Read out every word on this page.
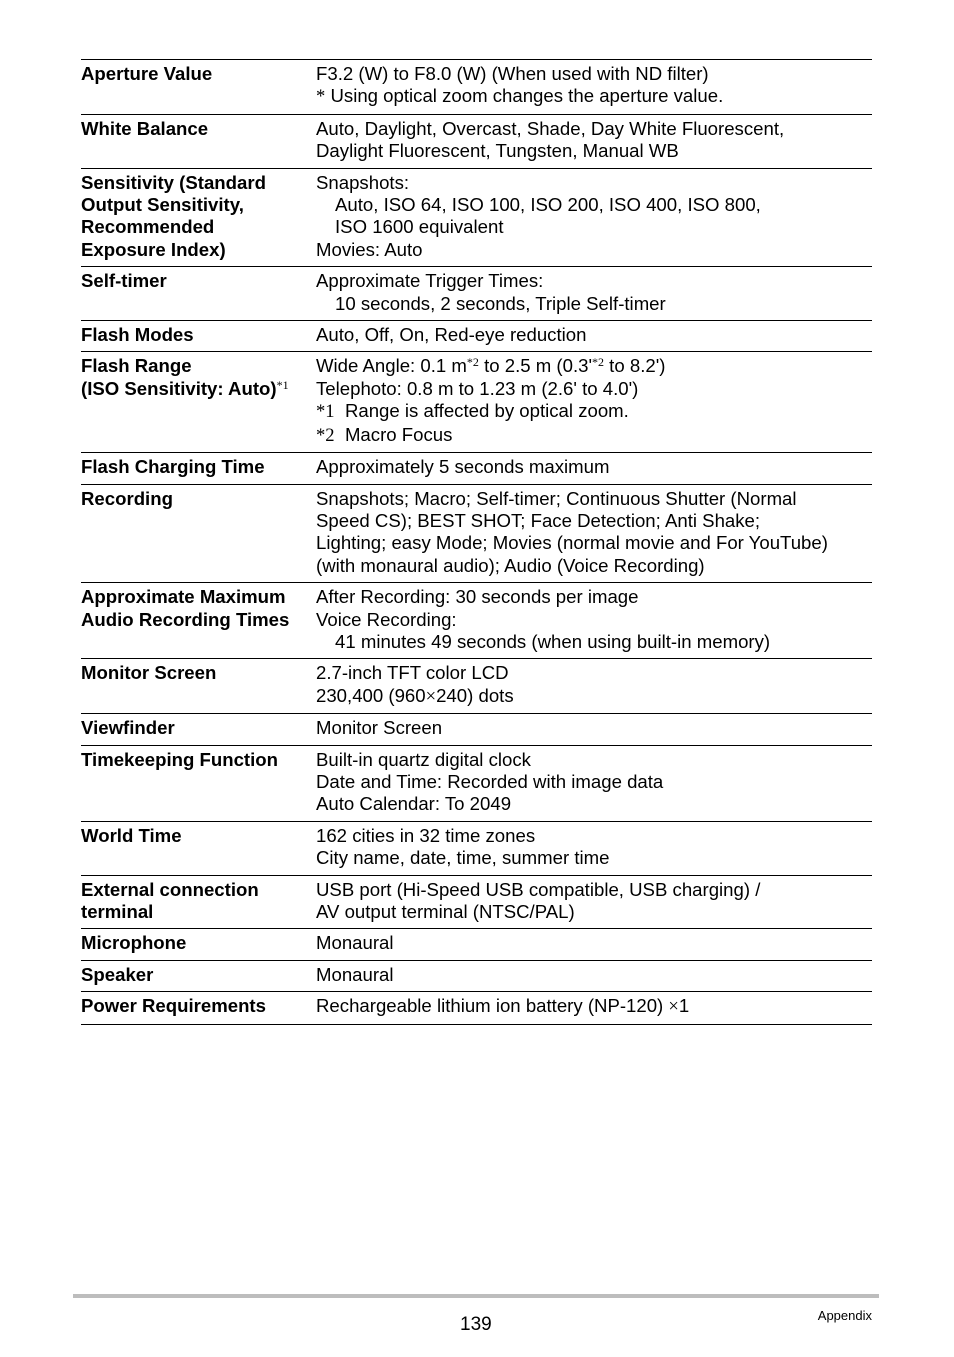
Aperture Value	F3.2 (W) to F8.0 (W) (When used with ND filter)
* Using optical zoom changes the aperture value.

White Balance	Auto, Daylight, Overcast, Shade, Day White Fluorescent,
Daylight Fluorescent, Tungsten, Manual WB

Sensitivity (Standard
Output Sensitivity,
Recommended
Exposure Index)	Snapshots:
Auto, ISO 64, ISO 100, ISO 200, ISO 400, ISO 800,
ISO 1600 equivalent
Movies: Auto

Self-timer	Approximate Trigger Times:
10 seconds, 2 seconds, Triple Self-timer

Flash Modes	Auto, Off, On, Red-eye reduction

Flash Range
(ISO Sensitivity: Auto)$^{*1}$	Wide Angle: 0.1 m$^{*2}$ to 2.5 m (0.3'$^{*2}$ to 8.2')
Telephoto: 0.8 m to 1.23 m (2.6' to 4.0')
*1 Range is affected by optical zoom.
*2 Macro Focus

Flash Charging Time	Approximately 5 seconds maximum

Recording	Snapshots; Macro; Self-timer; Continuous Shutter (Normal
Speed CS); BEST SHOT; Face Detection; Anti Shake;
Lighting; easy Mode; Movies (normal movie and For YouTube)
(with monaural audio); Audio (Voice Recording)

Approximate Maximum
Audio Recording Times	After Recording: 30 seconds per image
Voice Recording:
41 minutes 49 seconds (when using built-in memory)

Monitor Screen	2.7-inch TFT color LCD
230,400 (960×240) dots

Viewfinder	Monitor Screen

Timekeeping Function	Built-in quartz digital clock
Date and Time: Recorded with image data
Auto Calendar: To 2049

World Time	162 cities in 32 time zones
City name, date, time, summer time

External connection
terminal	USB port (Hi-Speed USB compatible, USB charging) /
AV output terminal (NTSC/PAL)

Microphone	Monaural

Speaker	Monaural

Power Requirements	Rechargeable lithium ion battery (NP-120) ×1
139	Appendix
